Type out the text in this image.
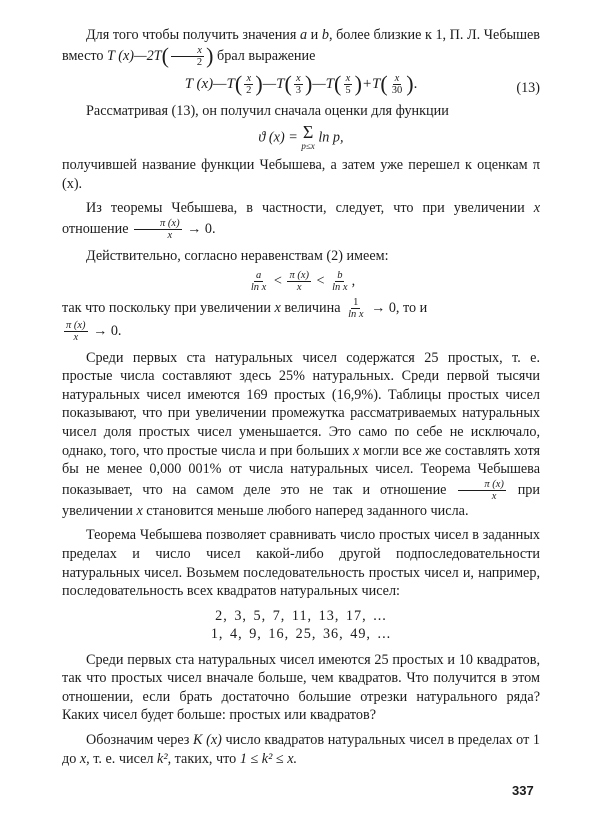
Для того чтобы получить значения a и b, более близкие к 1, П. Л. Чебышев вместо T (x)—2T( $\frac{x}{2}$ ) брал выражение

T (x)—T( $\frac{x}{2}$ )—T( $\frac{x}{3}$ )—T( $\frac{x}{5} )+T( \frac{x}{30}$ ).	(13)

Рассматривая (13), он получил сначала оценки для функции

ϑ (x) = Σ
p≤x
ln p,

получившей название функции Чебышева, а затем уже перешел к оценкам π (x).

Из теоремы Чебышева, в частности, следует, что при увеличении x отношение $\frac{\pi (x)}{x} \to 0$.

Действительно, согласно неравенствам (2) имеем:

$\frac{a}{\text{ln x}} < \frac{\pi (x)}{x} < \frac{b}{\text{ln x}}$ ,

так что поскольку при увеличении x величина $\frac{1}{\text{ln x}} \to 0$, то и

$\frac{\pi (x)}{x} \to 0$.

Среди первых ста натуральных чисел содержатся 25 простых, т. е. простые числа составляют здесь 25% натуральных. Среди первой тысячи натуральных чисел имеются 169 простых (16,9%). Таблицы простых чисел показывают, что при увеличении промежутка рассматриваемых натуральных чисел доля простых чисел уменьшается. Это само по себе не исключало, однако, того, что простые числа и при больших x могли все же составлять хотя бы не менее 0,000 001% от числа натуральных чисел. Теорема Чебышева показывает, что на самом деле это не так и отношение $\frac{\pi (x)}{x}$ при увеличении x становится меньше любого наперед заданного числа.

Теорема Чебышева позволяет сравнивать число простых чисел в заданных пределах и число чисел какой-либо другой подпоследовательности натуральных чисел. Возьмем последовательность простых чисел и, например, последовательность всех квадратов натуральных чисел:

2, 3, 5, 7, 11, 13, 17, ...
1, 4, 9, 16, 25, 36, 49, ...

Среди первых ста натуральных чисел имеются 25 простых и 10 квадратов, так что простых чисел вначале больше, чем квадратов. Что получится в этом отношении, если брать достаточно большие отрезки натурального ряда? Каких чисел будет больше: простых или квадратов?

Обозначим через K (x) число квадратов натуральных чисел в пределах от 1 до x, т. е. чисел k², таких, что 1 ≤ k² ≤ x.

337
